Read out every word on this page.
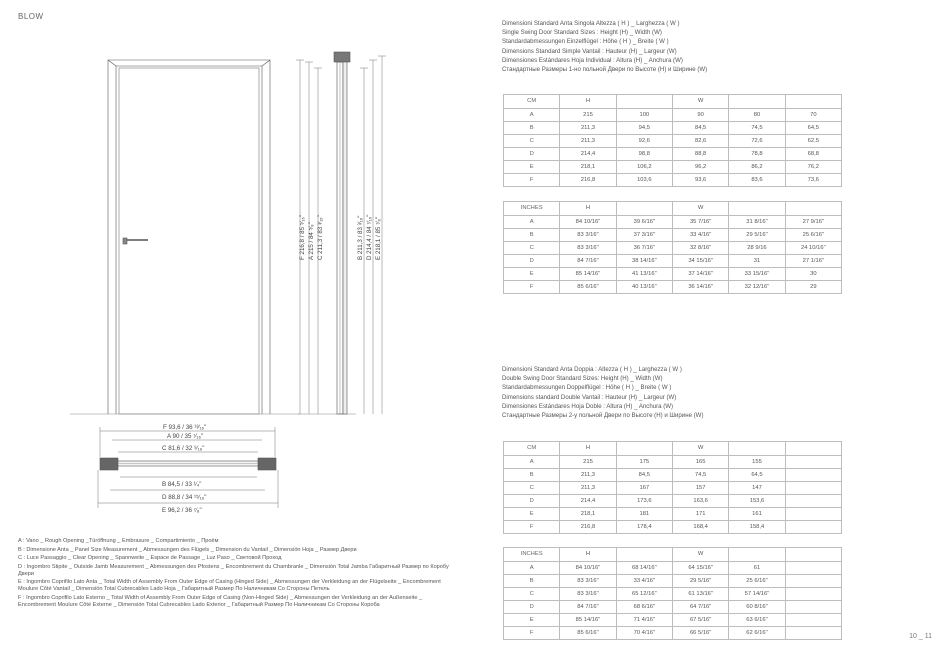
BLOW
10 _ 11
F 216,8 / 85 ⁵⁄₁₆" A 215 / 84 ⁵⁄₈" C 211,3 / 83 ³⁄₁₆"	B 211,3 / 83 ³⁄₁₆" D 214,4 / 84 ⁷⁄₁₆" E 218,1 / 85 ⁷⁄₈"
F 93,6 / 36 ¹³⁄₁₆"
A 90 / 35 ⁷⁄₁₆"
C 81,6 / 32 ⁹⁄₁₆"
B 84,5 / 33 ¹⁄₄"
D 88,8 / 34 ¹⁵⁄₁₆"
E 96,2 / 36 ⁷⁄₈"
A : Vano _ Rough Opening _Türöffnung _ Embrasure _ Compartimiento _ Проём
B : Dimensione Anta _ Panel Size Measurement _ Abmessungen des Flügels _ Dimension du Vantail _ Dimensión Hoja _ Размер Двери
C : Luce Passaggio _ Clear Opening _ Spannweite _ Espace de Passage _ Luz Paso _ Световой Проход
D : Ingombro Stipite _ Outside Jamb Measurement _ Abmessungen des Pfostens _ Encombrement du Chambranle _ Dimensión Total Jamba Габаритный Размер по Коробу Двери
E : Ingombro Coprifilo Lato Anta _ Total Width of Assembly From Outer Edge of Casing (Hinged Side) _ Abmessungen der Verkleidung an der Flügelseite _ Encombrement Moulure Côté Vantail _ Dimensión Total Cubrecables Lado Hoja _ Габаритный Размер По Наличникам Со Стороны Петель
F : Ingombro Coprifilo Lato Esterno _ Total Width of Assembly From Outer Edge of Casing (Non-Hinged Side) _ Abmessungen der Verkleidung an der Außenseite _ Encombrement Moulure Côté Externe _ Dimensión Total Cubrecables Lado Exterior _ Габаритный Размер По Наличникам Со Стороны Короба
Dimensioni Standard Anta Singola Altezza ( H ) _ Larghezza ( W )
Single Swing Door Standard Sizes : Height (H) _ Width (W)
Standardabmessungen Einzelflügel : Höhe ( H ) _ Breite ( W )
Dimensions Standard Simple Vantail : Hauteur (H) _ Largeur (W)
Dimensiones Estándares Hoja Individual : Altura (H) _ Anchura (W)
Стандартные Размеры 1-но польной Двери по Высоте (H) и Ширине (W)
CM	H		W		
A	215	100	90	80	70
B	211,3	94,5	84,5	74,5	64,5
C	211,3	92,6	82,6	72,6	62,5
D	214,4	98,8	88,8	78,8	68,8
E	218,1	106,2	96,2	86,2	76,2
F	216,8	103,6	93,6	83,6	73,6
INCHES	H		W		
A	84 10/16"	39 6/16"	35 7/16"	31 8/16"	27 9/16"
B	83 3/16"	37 3/16"	33 4/16"	29 5/16"	25 6/16"
C	83 3/16"	36 7/16"	32 8/16"	28 9/16	24 10/16"
D	84 7/16"	38 14/16"	34 15/16"	31	27 1/16"
E	85 14/16"	41 13/16"	37 14/16"	33 15/16"	30
F	85 6/16"	40 13/16"	36 14/16"	32 12/16"	29
Dimensioni Standard Anta Doppia : Altezza ( H ) _ Larghezza ( W )
Double Swing Door Standard Sizes: Height (H) _ Width (W)
Standardabmessungen Doppelflügel : Höhe ( H ) _ Breite ( W )
Dimensions standard Double Vantail : Hauteur (H) _ Largeur (W)
Dimensiones Estándares Hoja Doble : Altura (H) _ Anchura (W)
Стандартные Размеры 2-у польной Двери по Высоте (H) и Ширине (W)
CM	H		W		
A	215	175	165	155	
B	211,3	84,5	74,5	64,5	
C	211,3	167	157	147	
D	214,4	173,6	163,6	153,6	
E	218,1	181	171	161	
F	216,8	178,4	168,4	158,4	
INCHES	H		W		
A	84 10/16"	68 14/16"	64 15/16"	61	
B	83 3/16"	33 4/16"	29 5/16"	25 6/16"	
C	83 3/16"	65 12/16"	61 13/16"	57 14/16"	
D	84 7/16"	68 6/16"	64 7/16"	60 8/16"	
E	85 14/16"	71 4/16"	67 5/16"	63 6/16"	
F	85 6/16"	70 4/16"	66 5/16"	62 6/16"	
